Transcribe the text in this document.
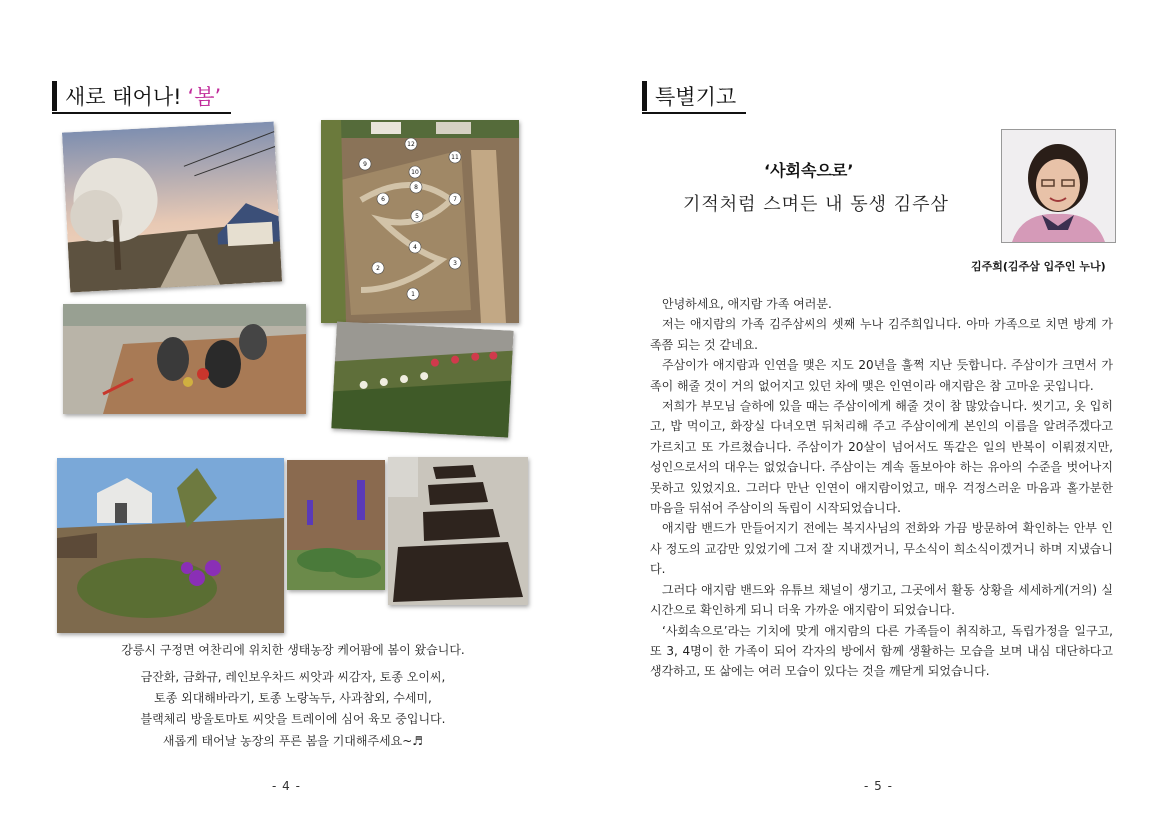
새로 태어나! ‘봄’
12
11
9
10
8
6	7
5
4
3
2
1
강릉시 구정면 여찬리에 위치한 생태농장 케어팜에 봄이 왔습니다.
금잔화, 금화규, 레인보우차드 씨앗과 씨감자, 토종 오이씨,
토종 외대해바라기, 토종 노랑녹두, 사과참외, 수세미,
블랙체리 방울토마토 씨앗을 트레이에 심어 육모 중입니다.
새롭게 태어날 농장의 푸른 봄을 기대해주세요~♬
- 4 -
특별기고
‘사회속으로’
기적처럼 스며든 내 동생 김주삼
김주희(김주삼 입주인 누나)

안녕하세요, 애지람 가족 여러분.

저는 애지람의 가족 김주삼씨의 셋째 누나 김주희입니다. 아마 가족으로 치면 방계 가족쯤 되는 것 같네요.

주삼이가 애지람과 인연을 맺은 지도 20년을 훌쩍 지난 듯합니다. 주삼이가 크면서 가족이 해줄 것이 거의 없어지고 있던 차에 맺은 인연이라 애지람은 참 고마운 곳입니다.

저희가 부모님 슬하에 있을 때는 주삼이에게 해줄 것이 참 많았습니다. 씻기고, 옷 입히고, 밥 먹이고, 화장실 다녀오면 뒤처리해 주고 주삼이에게 본인의 이름을 알려주겠다고 가르치고 또 가르쳤습니다. 주삼이가 20살이 넘어서도 똑같은 일의 반복이 이뤄졌지만, 성인으로서의 대우는 없었습니다. 주삼이는 계속 돌보아야 하는 유아의 수준을 벗어나지 못하고 있었지요. 그러다 만난 인연이 애지람이었고, 매우 걱정스러운 마음과 홀가분한 마음을 뒤섞어 주삼이의 독립이 시작되었습니다.

애지람 밴드가 만들어지기 전에는 복지사님의 전화와 가끔 방문하여 확인하는 안부 인사 정도의 교감만 있었기에 그저 잘 지내겠거니, 무소식이 희소식이겠거니 하며 지냈습니다.

그러다 애지람 밴드와 유튜브 채널이 생기고, 그곳에서 활동 상황을 세세하게(거의) 실시간으로 확인하게 되니 더욱 가까운 애지람이 되었습니다.

‘사회속으로’라는 기치에 맞게 애지람의 다른 가족들이 취직하고, 독립가정을 일구고, 또 3, 4명이 한 가족이 되어 각자의 방에서 함께 생활하는 모습을 보며 내심 대단하다고 생각하고, 또 삶에는 여러 모습이 있다는 것을 깨닫게 되었습니다.

- 5 -
